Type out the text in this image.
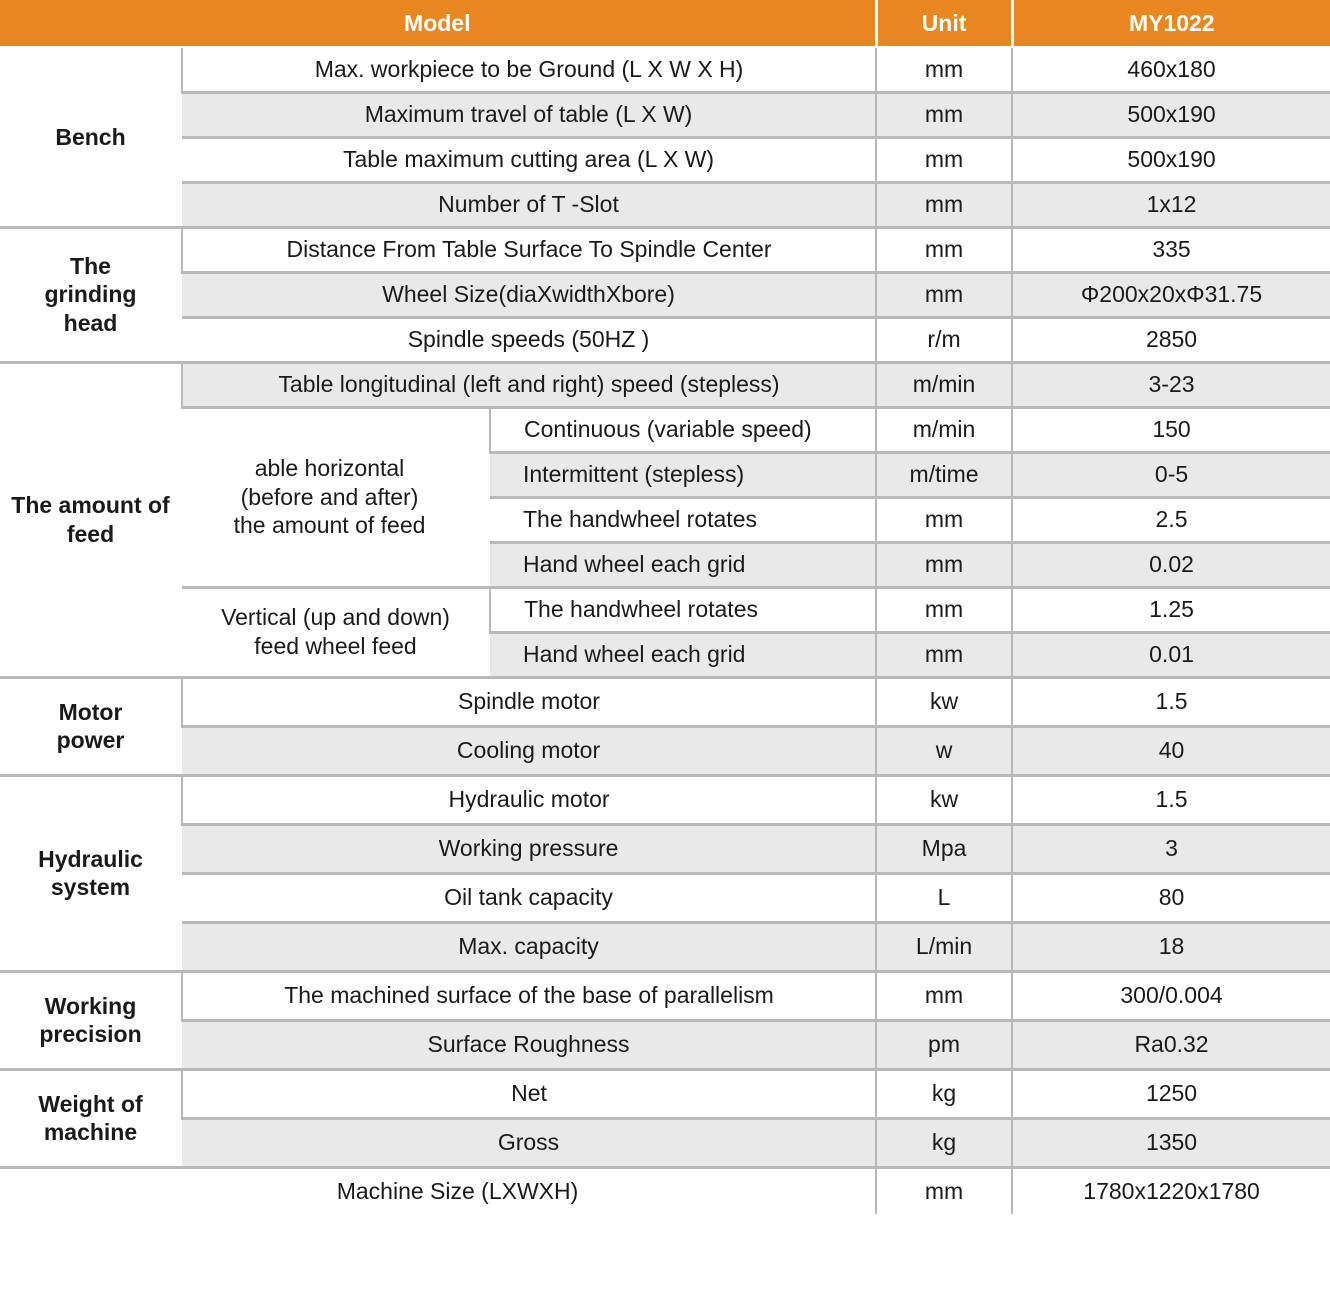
Model			Unit	MY1022
Bench	Max. workpiece to be Ground (L X W X H)		mm	460x180
	Maximum travel of table (L X W)		mm	500x190
	Table maximum cutting area (L X W)		mm	500x190
	Number of T -Slot		mm	1x12
The grinding head	Distance From Table Surface To Spindle Center		mm	335
	Wheel Size(diaXwidthXbore)		mm	Φ200x20xΦ31.75
	Spindle speeds (50HZ )		r/m	2850
The amount of feed	Table longitudinal (left and right) speed (stepless)		m/min	3-23
	able horizontal (before and after) the amount of feed	Continuous (variable speed)	m/min	150
		Intermittent (stepless)	m/time	0-5
		The handwheel rotates	mm	2.5
		Hand wheel each grid	mm	0.02
	Vertical (up and down) feed wheel feed	The handwheel rotates	mm	1.25
		Hand wheel each grid	mm	0.01
Motor power	Spindle motor		kw	1.5
	Cooling motor		w	40
Hydraulic system	Hydraulic motor		kw	1.5
	Working pressure		Mpa	3
	Oil tank capacity		L	80
	Max. capacity		L/min	18
Working precision	The machined surface of the base of parallelism		mm	300/0.004
	Surface Roughness		pm	Ra0.32
Weight of machine	Net		kg	1250
	Gross		kg	1350
Machine Size (LXWXH)			mm	1780x1220x1780
